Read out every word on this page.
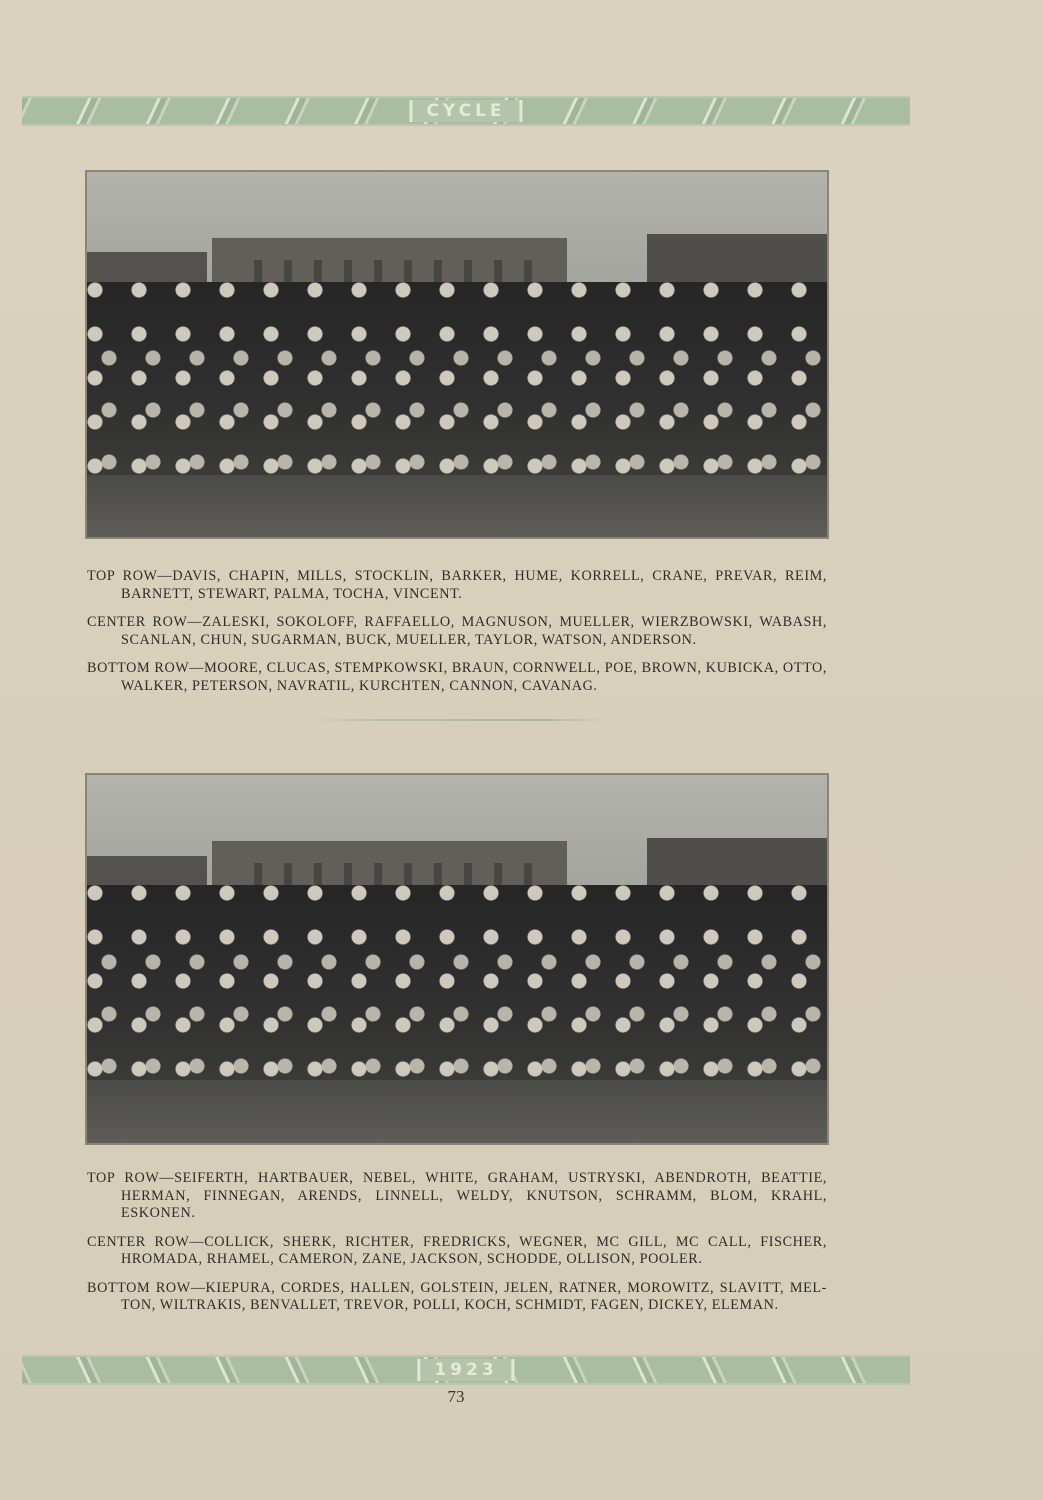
CYCLE

TOP ROW—DAVIS, CHAPIN, MILLS, STOCKLIN, BARKER, HUME, KORRELL, CRANE, PREVAR, REIM, BARNETT, STEWART, PALMA, TOCHA, VINCENT.

CENTER ROW—ZALESKI, SOKOLOFF, RAFFAELLO, MAGNUSON, MUELLER, WIERZBOWSKI, WABASH, SCANLAN, CHUN, SUGARMAN, BUCK, MUELLER, TAYLOR, WATSON, ANDERSON.

BOTTOM ROW—MOORE, CLUCAS, STEMPKOWSKI, BRAUN, CORNWELL, POE, BROWN, KUBICKA, OTTO, WALKER, PETERSON, NAVRATIL, KURCHTEN, CANNON, CAVANAG.

TOP ROW—SEIFERTH, HARTBAUER, NEBEL, WHITE, GRAHAM, USTRYSKI, ABENDROTH, BEATTIE, HERMAN, FINNEGAN, ARENDS, LINNELL, WELDY, KNUTSON, SCHRAMM, BLOM, KRAHL, ESKONEN.

CENTER ROW—COLLICK, SHERK, RICHTER, FREDRICKS, WEGNER, MC GILL, MC CALL, FISCHER, HROMADA, RHAMEL, CAMERON, ZANE, JACKSON, SCHODDE, OLLISON, POOLER.

BOTTOM ROW—KIEPURA, CORDES, HALLEN, GOLSTEIN, JELEN, RATNER, MOROWITZ, SLAVITT, MEL-TON, WILTRAKIS, BENVALLET, TREVOR, POLLI, KOCH, SCHMIDT, FAGEN, DICKEY, ELEMAN.

1923
73
